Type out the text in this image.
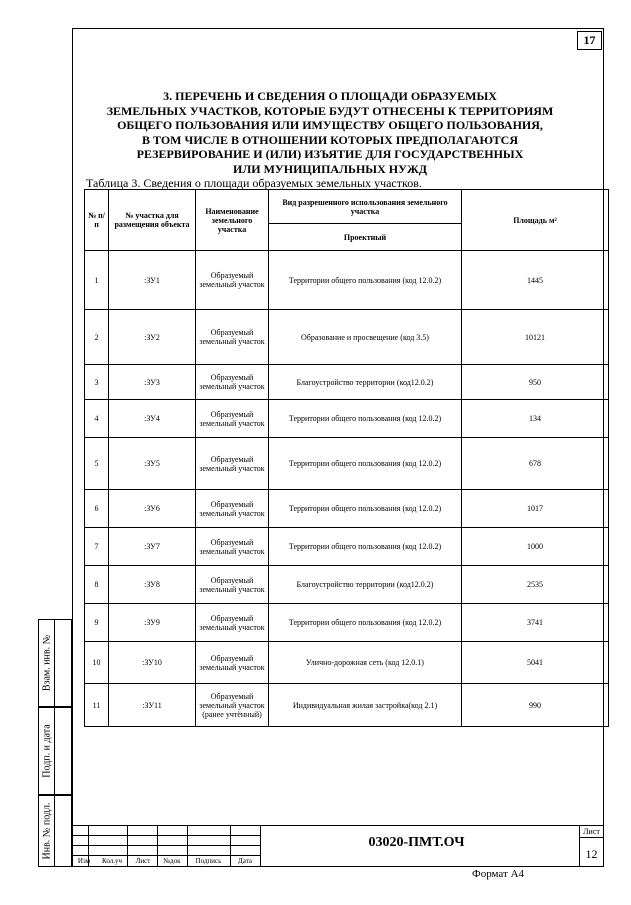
17
3. ПЕРЕЧЕНЬ И СВЕДЕНИЯ О ПЛОЩАДИ ОБРАЗУЕМЫХ
ЗЕМЕЛЬНЫХ УЧАСТКОВ, КОТОРЫЕ БУДУТ ОТНЕСЕНЫ К ТЕРРИТОРИЯМ
ОБЩЕГО ПОЛЬЗОВАНИЯ ИЛИ ИМУЩЕСТВУ ОБЩЕГО ПОЛЬЗОВАНИЯ,
В ТОМ ЧИСЛЕ В ОТНОШЕНИИ КОТОРЫХ ПРЕДПОЛАГАЮТСЯ
РЕЗЕРВИРОВАНИЕ И (ИЛИ) ИЗЪЯТИЕ ДЛЯ ГОСУДАРСТВЕННЫХ
ИЛИ МУНИЦИПАЛЬНЫХ НУЖД
Таблица 3. Сведения о площади образуемых земельных участков.
№ п/п	№ участка для размещения объекта	Наименование земельного участка	Вид разрешенного использования земельного участка	Площадь м²
			Проектный	
1	:ЗУ1	Образуемый земельный участок	Территории общего пользования (код 12.0.2)	1445
2	:ЗУ2	Образуемый земельный участок	Образование и просвещение (код 3.5)	10121
3	:ЗУ3	Образуемый земельный участок	Благоустройство территории (код12.0.2)	950
4	:ЗУ4	Образуемый земельный участок	Территории общего пользования (код 12.0.2)	134
5	:ЗУ5	Образуемый земельный участок	Территории общего пользования (код 12.0.2)	678
6	:ЗУ6	Образуемый земельный участок	Территории общего пользования (код 12.0.2)	1017
7	:ЗУ7	Образуемый земельный участок	Территории общего пользования (код 12.0.2)	1000
8	:ЗУ8	Образуемый земельный участок	Благоустройство территории (код12.0.2)	2535
9	:ЗУ9	Образуемый земельный участок	Территории общего пользования (код 12.0.2)	3741
10	:ЗУ10	Образуемый земельный участок	Улично-дорожная сеть (код 12.0.1)	5041
11	:ЗУ11	Образуемый земельный участок (ранее учтённый)	Индивидуальная жилая застройка(код 2.1)	990
Взам. инв. №
Подп. и дата
Инв. № подл.
Изм	Кол.уч	Лист	№док	Подпись	Дата
03020-ПМТ.ОЧ
Лист
12
Формат А4
